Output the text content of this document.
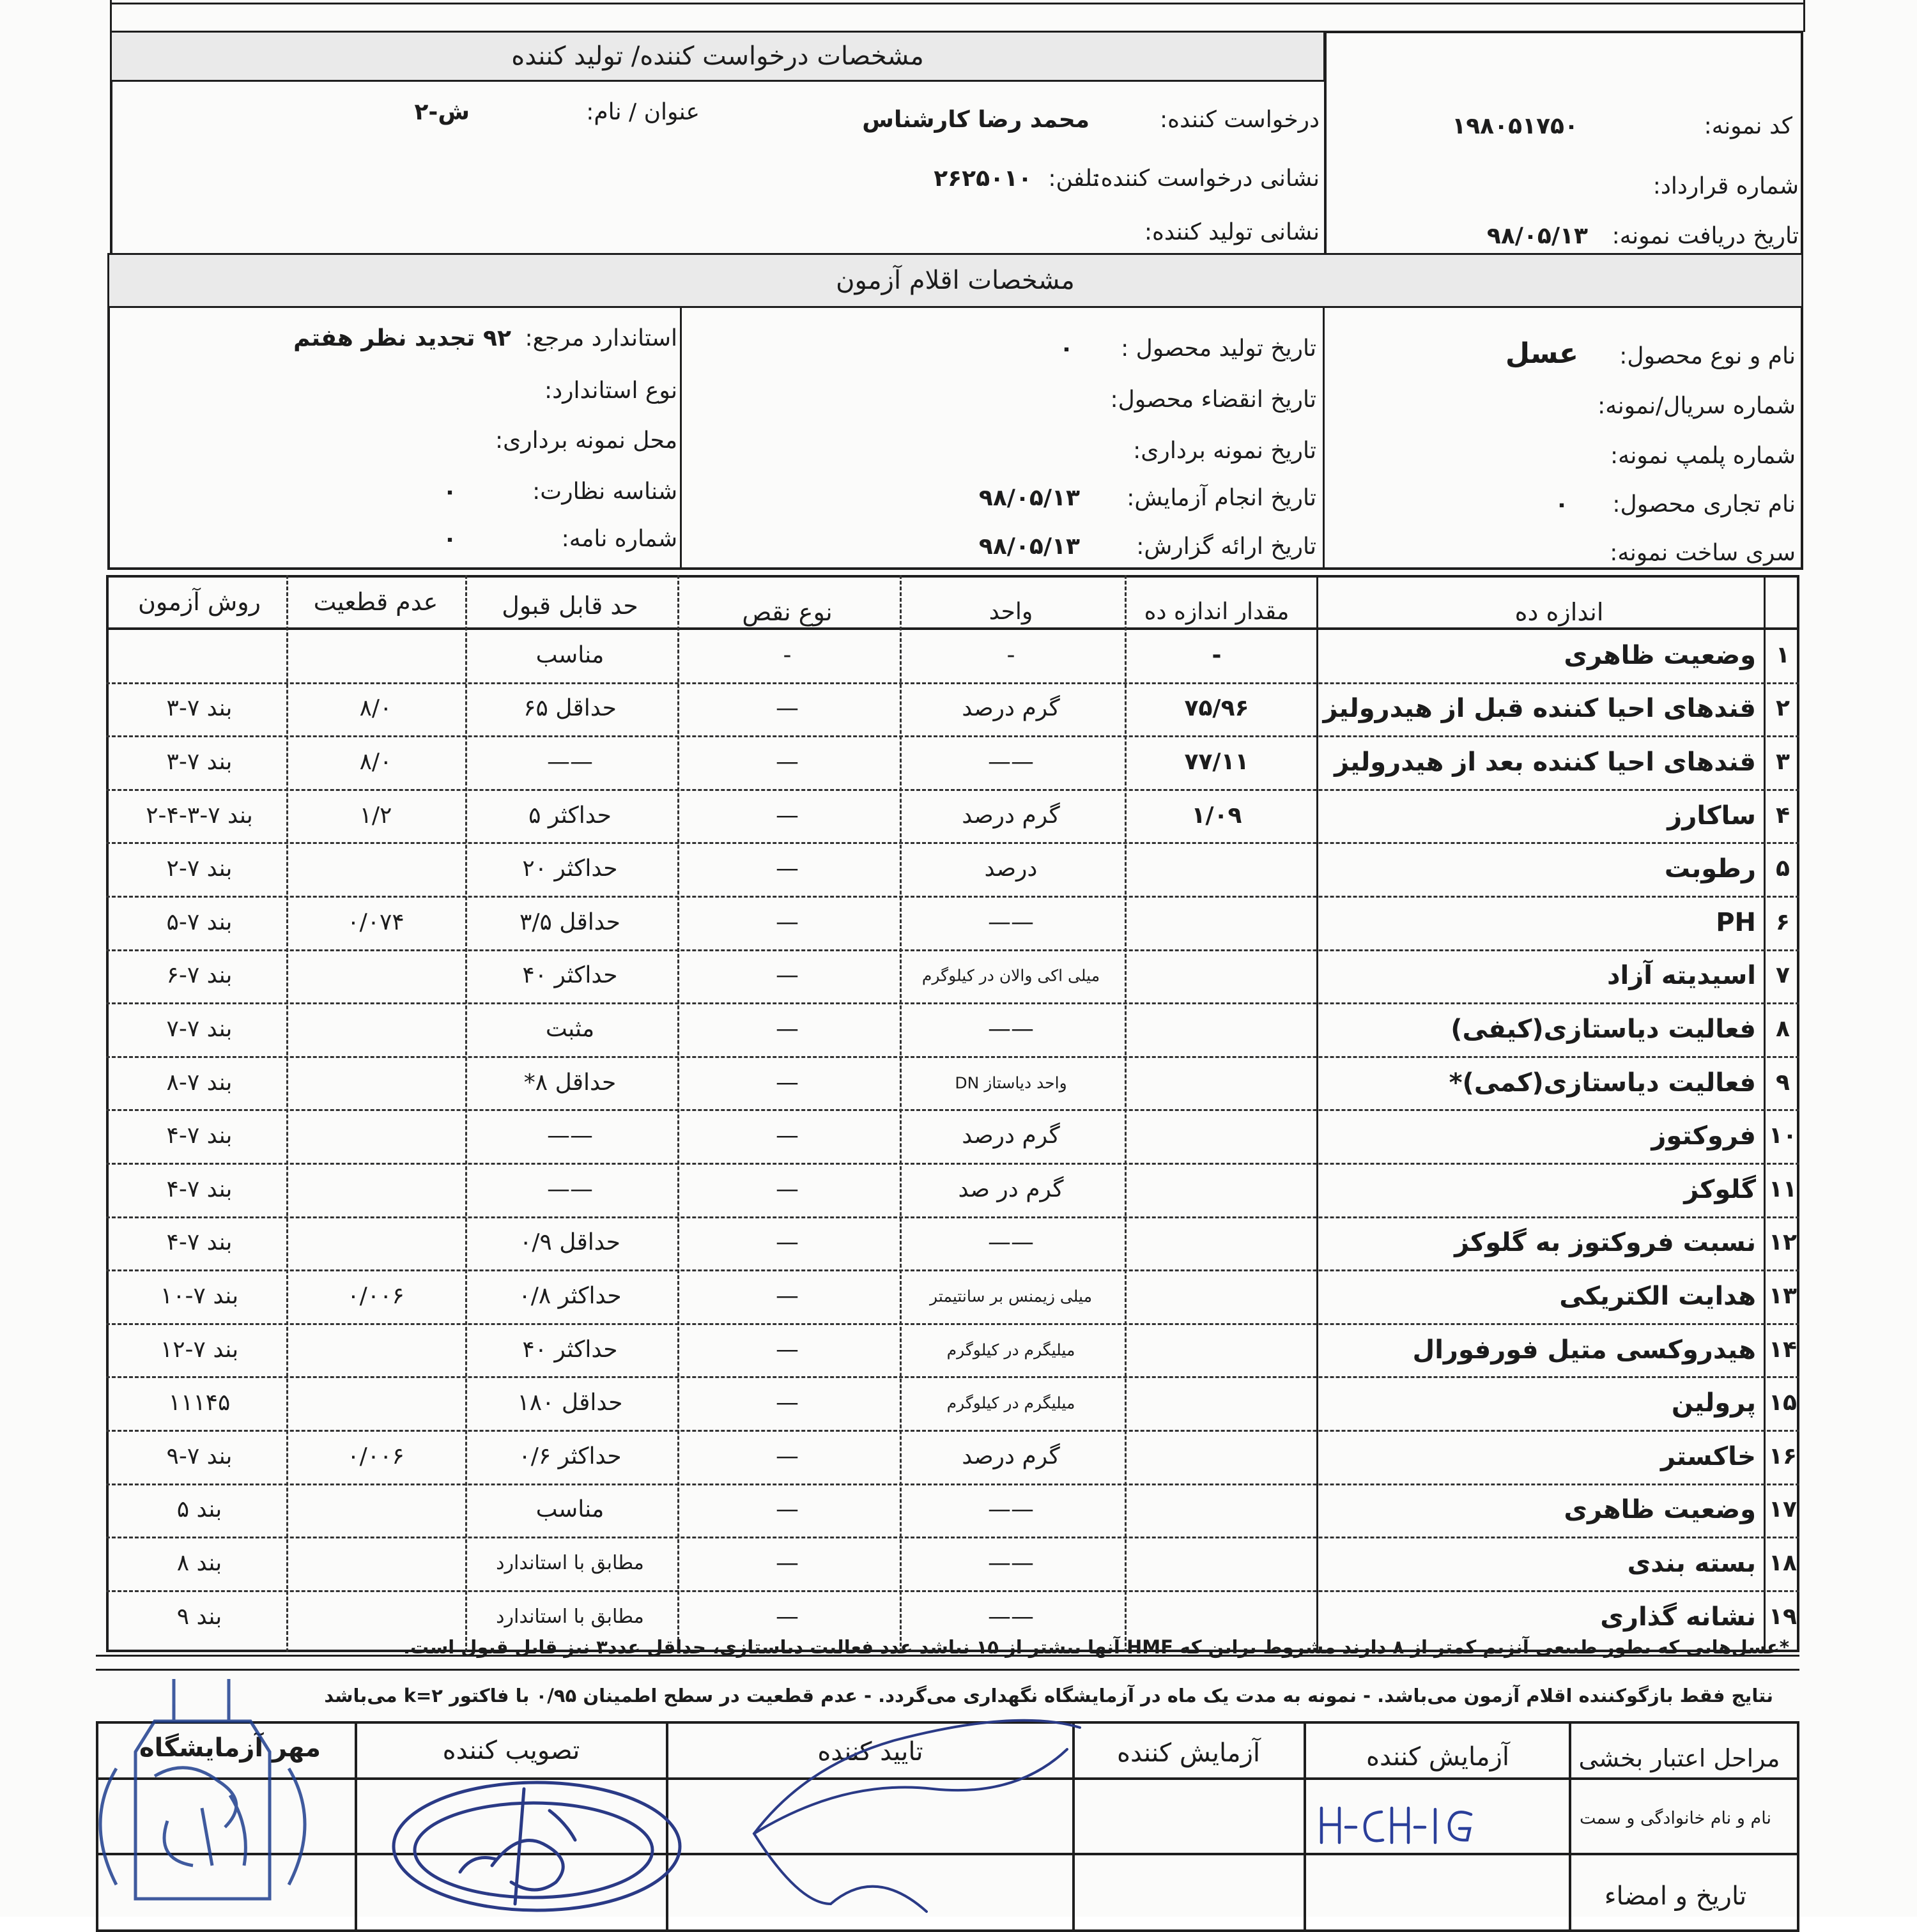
مشخصات درخواست کننده/ تولید کننده
عنوان / نام:
ش-۲	درخواست کننده:
محمد رضا کارشناس
نشانی درخواست کننده:
تلفن:
۲۶۲۵۰۱۰
نشانی تولید کننده:
کد نمونه:
۱۹۸۰۵۱۷۵۰
شماره قرارداد:
تاریخ دریافت نمونه:
۹۸/۰۵/۱۳
مشخصات اقلام آزمون
نام و نوع محصول:
عسل
شماره سریال/نمونه:
شماره پلمپ نمونه:
نام تجاری محصول:
٠
سری ساخت نمونه:
تاریخ تولید محصول :
٠
تاریخ انقضاء محصول:
تاریخ نمونه برداری:
تاریخ انجام آزمایش:
۹۸/۰۵/۱۳
تاریخ ارائه گزارش:
۹۸/۰۵/۱۳
استاندارد مرجع:
۹۲ تجدید نظر هفتم
نوع استاندارد:
محل نمونه برداری:
شناسه نظارت:
٠
شماره نامه:
٠
۱
وضعیت ظاهری
-
-
-
مناسب
۲
قندهای احیا کننده قبل از هیدرولیز
۷۵/۹۶
گرم درصد
—
حداقل ۶۵
٠/۸
بند ۷-۳
۳
قندهای احیا کننده بعد از هیدرولیز
۷۷/۱۱
——
—
——
٠/۸
بند ۷-۳
۴
ساکارز
۱/۰۹
گرم درصد
—
حداکثر ۵
۱/۲
بند ۷-۳-۴-۲
۵
رطوبت
درصد
—
حداکثر ۲۰
بند ۷-۲
۶
PH
——
—
حداقل ۳/۵
٠/٠۷۴
بند ۷-۵
۷
اسیدیته آزاد
میلی اکی والان در کیلوگرم
—
حداکثر ۴۰
بند ۷-۶
۸
فعالیت دیاستازی(کیفی)
——
—
مثبت
بند ۷-۷
۹
فعالیت دیاستازی(کمی)*
واحد دیاستاز DN
—
حداقل ۸*
بند ۷-۸
۱۰
فروکتوز
گرم درصد
—
——
بند ۷-۴
۱۱
گلوکز
گرم در صد
—
——
بند ۷-۴
۱۲
نسبت فروکتوز به گلوکز
——
—
حداقل ۰/۹
بند ۷-۴
۱۳
هدایت الکتریکی
میلی زیمنس بر سانتیمتر
—
حداکثر ۰/۸
٠/٠٠۶
بند ۷-۱۰
۱۴
هیدروکسی متیل فورفورال
میلیگرم در کیلوگرم
—
حداکثر ۴۰
بند ۷-۱۲
۱۵
پرولین
میلیگرم در کیلوگرم
—
حداقل ۱۸۰
۱۱۱۴۵
۱۶
خاکستر
گرم درصد
—
حداکثر ۰/۶
٠/٠٠۶
بند ۷-۹
۱۷
وضعیت ظاهری
——
—
مناسب
بند ۵
۱۸
بسته بندی
——
—
مطابق با استاندارد
بند ۸
۱۹
نشانه گذاری
——
—
مطابق با استاندارد
بند ۹
اندازه ده
مقدار اندازه ده
واحد
نوع نقص
حد قابل قبول
عدم قطعیت
روش آزمون
*عسل‌هایی که بطور طبیعی آنزیم کمتر از ۸ دارند مشروط براین که HMF آنها بیشتر از ۱۵ نباشد عدد فعالیت دیاستازی، حداقل عدد۳ نیز قابل قبول است.
نتایج فقط بازگوکننده اقلام آزمون می‌باشد. - نمونه به مدت یک ماه در آزمایشگاه نگهداری می‌گردد. - عدم قطعیت در سطح اطمینان ۰/۹۵ با فاکتور k=۲ می‌باشد
مراحل اعتبار بخشی
آزمایش کننده
آزمایش کننده
تایید کننده
تصویب کننده
مهر آزمایشگاه
نام و نام خانوادگی و سمت
تاریخ و امضاء
